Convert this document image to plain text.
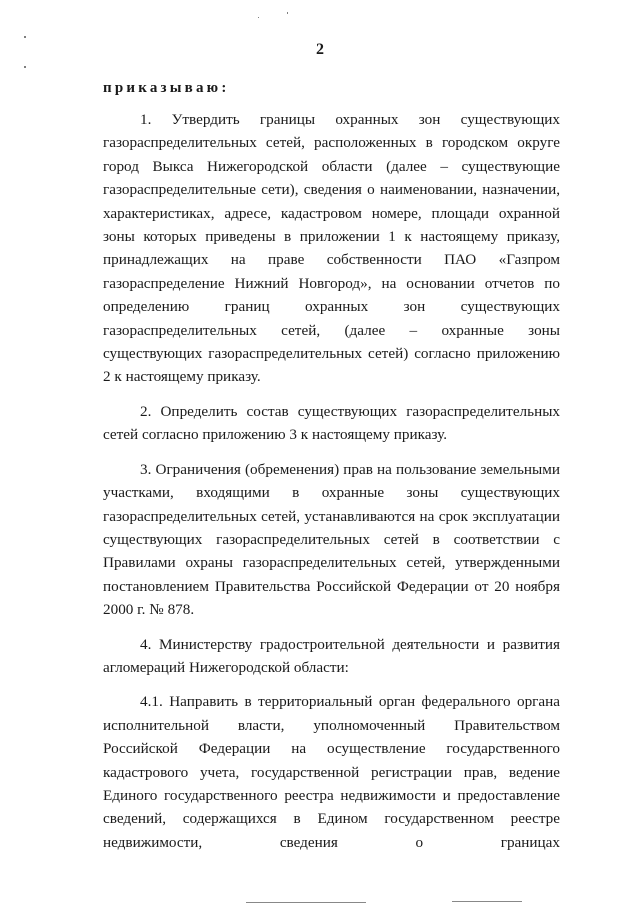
2
приказываю:

1. Утвердить границы охранных зон существующих газораспределительных сетей, расположенных в городском округе город Выкса Нижегородской области (далее – существующие газораспределительные сети), сведения о наименовании, назначении, характеристиках, адресе, кадастровом номере, площади охранной зоны которых приведены в приложении 1 к настоящему приказу, принадлежащих на праве собственности ПАО «Газпром газораспределение Нижний Новгород», на основании отчетов по определению границ охранных зон существующих газораспределительных сетей, (далее – охранные зоны существующих газораспределительных сетей) согласно приложению 2 к настоящему приказу.

2. Определить состав существующих газораспределительных сетей согласно приложению 3 к настоящему приказу.

3. Ограничения (обременения) прав на пользование земельными участками, входящими в охранные зоны существующих газораспределительных сетей, устанавливаются на срок эксплуатации существующих газораспределительных сетей в соответствии с Правилами охраны газораспределительных сетей, утвержденными постановлением Правительства Российской Федерации от 20 ноября 2000 г. № 878.

4. Министерству градостроительной деятельности и развития агломераций Нижегородской области:

4.1. Направить в территориальный орган федерального органа исполнительной власти, уполномоченный Правительством Российской Федерации на осуществление государственного кадастрового учета, государственной регистрации прав, ведение Единого государственного реестра недвижимости и предоставление сведений, содержащихся в Едином государственном реестре недвижимости, сведения о границах
